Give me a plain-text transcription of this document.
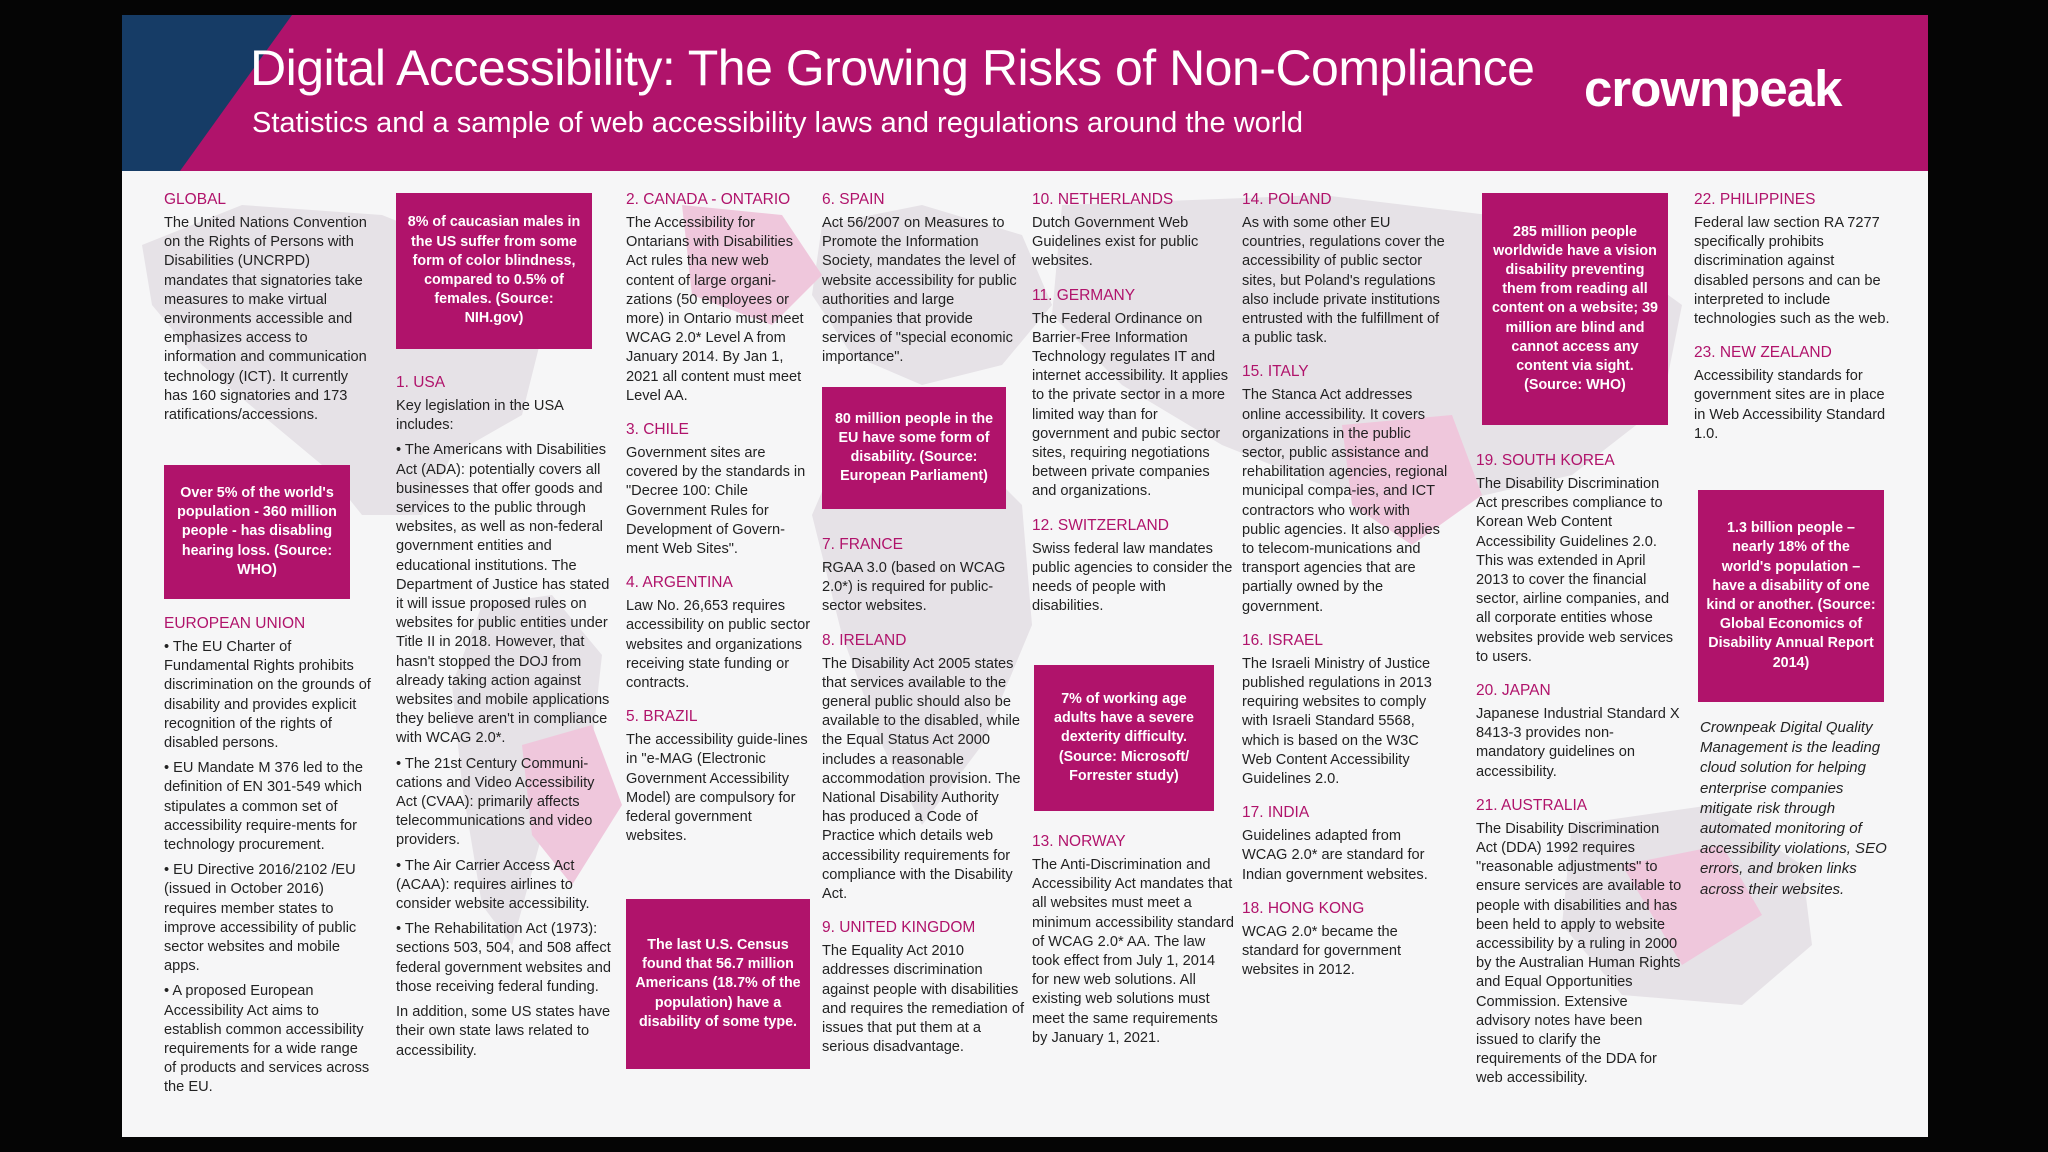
Digital Accessibility: The Growing Risks of Non-Compliance

Statistics and a sample of web accessibility laws and regulations around the world

crownpeak
GLOBAL

The United Nations Convention on the Rights of Persons with Disabilities (UNCRPD) mandates that signatories take measures to make virtual environments accessible and emphasizes access to information and communication technology (ICT). It currently has 160 signatories and 173 ratifications/accessions.

Over 5% of the world's population - 360 million people - has disabling hearing loss. (Source: WHO)
EUROPEAN UNION

• The EU Charter of Fundamental Rights prohibits discrimination on the grounds of disability and provides explicit recognition of the rights of disabled persons.

• EU Mandate M 376 led to the definition of EN 301-549 which stipulates a common set of accessibility require-ments for technology procurement.

• EU Directive 2016/2102 /EU (issued in October 2016) requires member states to improve accessibility of public sector websites and mobile apps.

• A proposed European Accessibility Act aims to establish common accessibility requirements for a wide range of products and services across the EU.

8% of caucasian males in the US suffer from some form of color blindness, compared to 0.5% of females. (Source: NIH.gov)
1. USA

Key legislation in the USA includes:

• The Americans with Disabilities Act (ADA): potentially covers all businesses that offer goods and services to the public through websites, as well as non-federal government entities and educational institutions. The Department of Justice has stated it will issue proposed rules on websites for public entities under Title II in 2018. However, that hasn't stopped the DOJ from already taking action against websites and mobile applications they believe aren't in compliance with WCAG 2.0*.

• The 21st Century Communi-cations and Video Accessibility Act (CVAA): primarily affects telecommunications and video providers.

• The Air Carrier Access Act (ACAA): requires airlines to consider website accessibility.

• The Rehabilitation Act (1973): sections 503, 504, and 508 affect federal government websites and those receiving federal funding.

In addition, some US states have their own state laws related to accessibility.

2. CANADA - ONTARIO

The Accessibility for Ontarians with Disabilities Act rules tha new web content of large organi-zations (50 employees or more) in Ontario must meet WCAG 2.0* Level A from January 2014. By Jan 1, 2021 all content must meet Level AA.

3. CHILE

Government sites are covered by the standards in "Decree 100: Chile Government Rules for Development of Govern-ment Web Sites".

4. ARGENTINA

Law No. 26,653 requires accessibility on public sector websites and organizations receiving state funding or contracts.

5. BRAZIL

The accessibility guide-lines in "e-MAG (Electronic Government Accessibility Model) are compulsory for federal government websites.

The last U.S. Census found that 56.7 million Americans (18.7% of the population) have a disability of some type.
6. SPAIN

Act 56/2007 on Measures to Promote the Information Society, mandates the level of website accessibility for public authorities and large companies that provide services of "special economic importance".

80 million people in the EU have some form of disability. (Source: European Parliament)
7. FRANCE

RGAA 3.0 (based on WCAG 2.0*) is required for public-sector websites.

8. IRELAND

The Disability Act 2005 states that services available to the general public should also be available to the disabled, while the Equal Status Act 2000 includes a reasonable accommodation provision. The National Disability Authority has produced a Code of Practice which details web accessibility requirements for compliance with the Disability Act.

9. UNITED KINGDOM

The Equality Act 2010 addresses discrimination against people with disabilities and requires the remediation of issues that put them at a serious disadvantage.

10. NETHERLANDS

Dutch Government Web Guidelines exist for public websites.

11. GERMANY

The Federal Ordinance on Barrier-Free Information Technology regulates IT and internet accessibility. It applies to the private sector in a more limited way than for government and pubic sector sites, requiring negotiations between private companies and organizations.

12. SWITZERLAND

Swiss federal law mandates public agencies to consider the needs of people with disabilities.

7% of working age adults have a severe dexterity difficulty. (Source: Microsoft/ Forrester study)
13. NORWAY

The Anti-Discrimination and Accessibility Act mandates that all websites must meet a minimum accessibility standard of WCAG 2.0* AA. The law took effect from July 1, 2014 for new web solutions. All existing web solutions must meet the same requirements by January 1, 2021.

14. POLAND

As with some other EU countries, regulations cover the accessibility of public sector sites, but Poland's regulations also include private institutions entrusted with the fulfillment of a public task.

15. ITALY

The Stanca Act addresses online accessibility. It covers organizations in the public sector, public assistance and rehabilitation agencies, regional municipal compa-ies, and ICT contractors who work with public agencies. It also applies to telecom-munications and transport agencies that are partially owned by the government.

16. ISRAEL

The Israeli Ministry of Justice published regulations in 2013 requiring websites to comply with Israeli Standard 5568, which is based on the W3C Web Content Accessibility Guidelines 2.0.

17. INDIA

Guidelines adapted from WCAG 2.0* are standard for Indian government websites.

18. HONG KONG

WCAG 2.0* became the standard for government websites in 2012.

285 million people worldwide have a vision disability preventing them from reading all content on a website; 39 million are blind and cannot access any content via sight. (Source: WHO)
19. SOUTH KOREA

The Disability Discrimination Act prescribes compliance to Korean Web Content Accessibility Guidelines 2.0. This was extended in April 2013 to cover the financial sector, airline companies, and all corporate entities whose websites provide web services to users.

20. JAPAN

Japanese Industrial Standard X 8413-3 provides non-mandatory guidelines on accessibility.

21. AUSTRALIA

The Disability Discrimination Act (DDA) 1992 requires "reasonable adjustments" to ensure services are available to people with disabilities and has been held to apply to website accessibility by a ruling in 2000 by the Australian Human Rights and Equal Opportunities Commission. Extensive advisory notes have been issued to clarify the requirements of the DDA for web accessibility.

22. PHILIPPINES

Federal law section RA 7277 specifically prohibits discrimination against disabled persons and can be interpreted to include technologies such as the web.

23. NEW ZEALAND

Accessibility standards for government sites are in place in Web Accessibility Standard 1.0.

1.3 billion people – nearly 18% of the world's population – have a disability of one kind or another. (Source: Global Economics of Disability Annual Report 2014)

Crownpeak Digital Quality Management is the leading cloud solution for helping enterprise companies mitigate risk through automated monitoring of accessibility violations, SEO errors, and broken links across their websites.
